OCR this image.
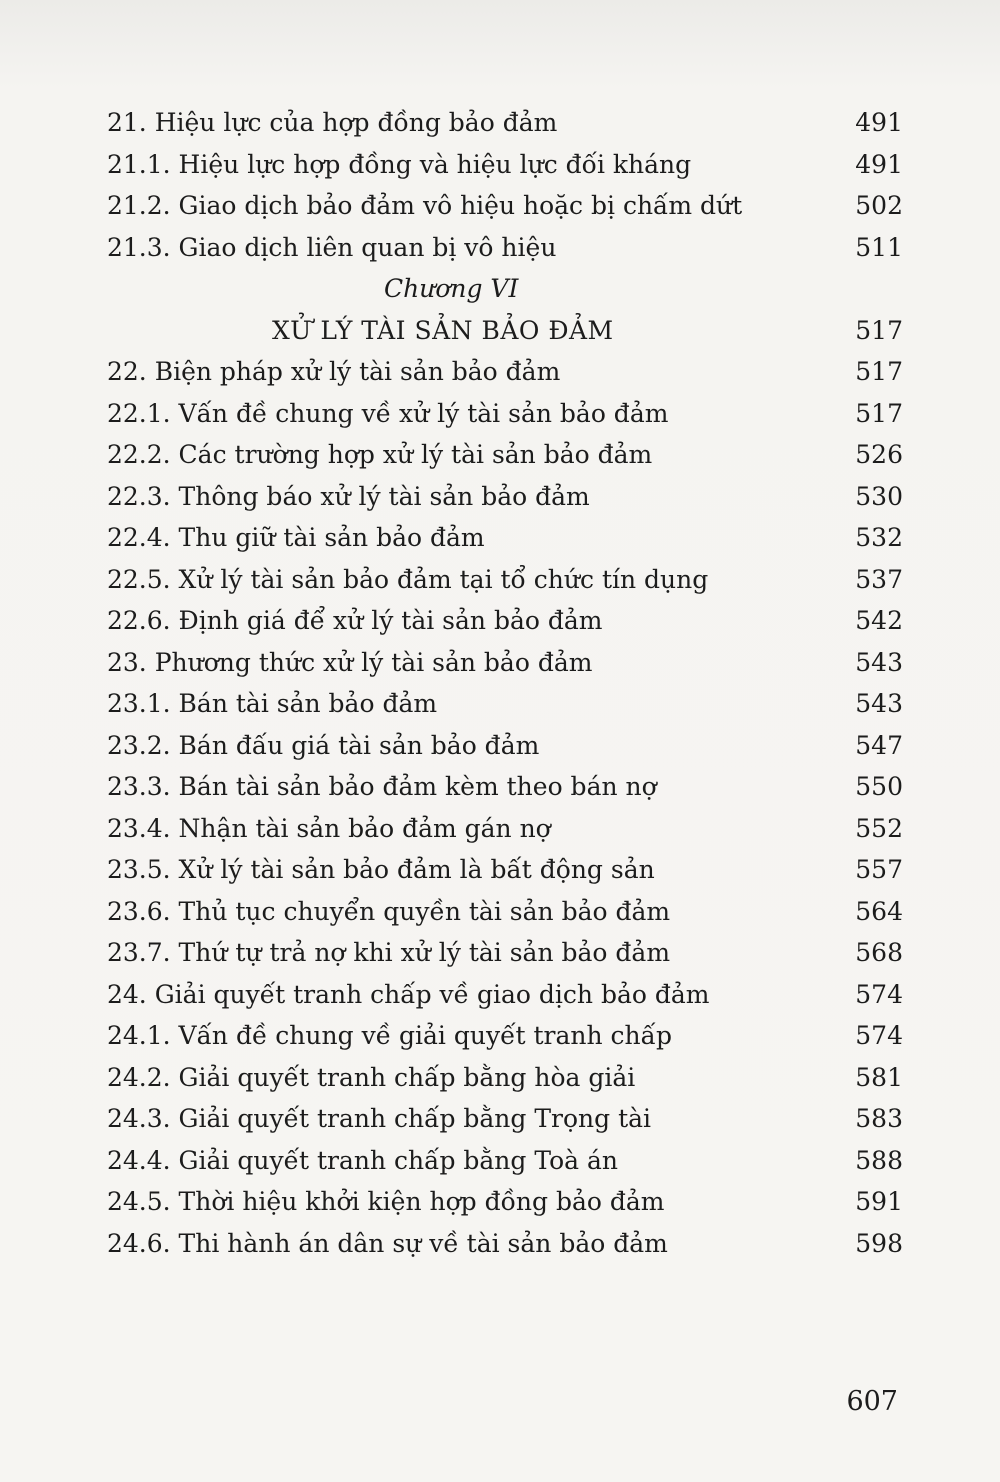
21. Hiệu lực của hợp đồng bảo đảm	491
21.1. Hiệu lực hợp đồng và hiệu lực đối kháng	491
21.2. Giao dịch bảo đảm vô hiệu hoặc bị chấm dứt	502
21.3. Giao dịch liên quan bị vô hiệu	511
Chương VI
XỬ LÝ TÀI SẢN BẢO ĐẢM	517
22. Biện pháp xử lý tài sản bảo đảm	517
22.1. Vấn đề chung về xử lý tài sản bảo đảm	517
22.2. Các trường hợp xử lý tài sản bảo đảm	526
22.3. Thông báo xử lý tài sản bảo đảm	530
22.4. Thu giữ tài sản bảo đảm	532
22.5. Xử lý tài sản bảo đảm tại tổ chức tín dụng	537
22.6. Định giá để xử lý tài sản bảo đảm	542
23. Phương thức xử lý tài sản bảo đảm	543
23.1. Bán tài sản bảo đảm	543
23.2. Bán đấu giá tài sản bảo đảm	547
23.3. Bán tài sản bảo đảm kèm theo bán nợ	550
23.4. Nhận tài sản bảo đảm gán nợ	552
23.5. Xử lý tài sản bảo đảm là bất động sản	557
23.6. Thủ tục chuyển quyền tài sản bảo đảm	564
23.7. Thứ tự trả nợ khi xử lý tài sản bảo đảm	568
24. Giải quyết tranh chấp về giao dịch bảo đảm	574
24.1. Vấn đề chung về giải quyết tranh chấp	574
24.2. Giải quyết tranh chấp bằng hòa giải	581
24.3. Giải quyết tranh chấp bằng Trọng tài	583
24.4. Giải quyết tranh chấp bằng Toà án	588
24.5. Thời hiệu khởi kiện hợp đồng bảo đảm	591
24.6. Thi hành án dân sự về tài sản bảo đảm	598
607
